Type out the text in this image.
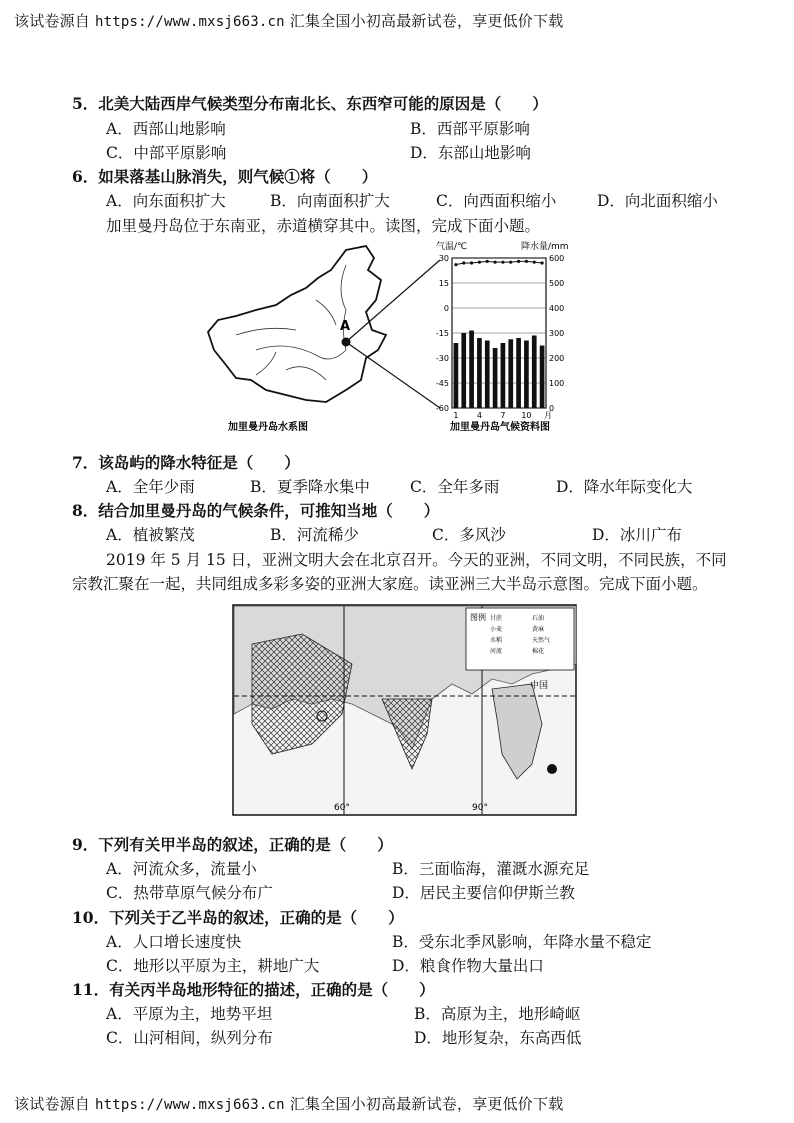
该试卷源自 https://www.mxsj663.cn 汇集全国小初高最新试卷，享更低价下载
5．北美大陆西岸气候类型分布南北长、东西窄可能的原因是（　　）
A．西部山地影响	B．西部平原影响
C．中部平原影响	D．东部山地影响
6．如果落基山脉消失，则气候①将（　　）
A．向东面积扩大	B．向南面积扩大	C．向西面积缩小	D．向北面积缩小
加里曼丹岛位于东南亚，赤道横穿其中。读图，完成下面小题。
A
加里曼丹岛水系图
气温/℃	降水量/mm
30
15
0
-15
-30
-45
-60
600
500
400
300
200
100
0
1 4 7 10 月
加里曼丹岛气候资料图
7．该岛屿的降水特征是（　　）
A．全年少雨	B．夏季降水集中	C．全年多雨	D．降水年际变化大
8．结合加里曼丹岛的气候条件，可推知当地（　　）
A．植被繁茂	B．河流稀少	C．多风沙	D．冰川广布
2019 年 5 月 15 日，亚洲文明大会在北京召开。今天的亚洲，不同文明，不同民族，不同
宗教汇聚在一起，共同组成多彩多姿的亚洲大家庭。读亚洲三大半岛示意图。完成下面小题。
60°	90°
图例 甘蔗	石油
小麦	黄麻
水稻	天然气
河流	棉花
中国
9．下列有关甲半岛的叙述，正确的是（　　）
A．河流众多，流量小	B．三面临海，灌溉水源充足
C．热带草原气候分布广	D．居民主要信仰伊斯兰教
10．下列关于乙半岛的叙述，正确的是（　　）
A．人口增长速度快	B．受东北季风影响，年降水量不稳定
C．地形以平原为主，耕地广大	D．粮食作物大量出口
11．有关丙半岛地形特征的描述，正确的是（　　）
A．平原为主，地势平坦	B．高原为主，地形崎岖
C．山河相间，纵列分布	D．地形复杂，东高西低
该试卷源自 https://www.mxsj663.cn 汇集全国小初高最新试卷，享更低价下载
